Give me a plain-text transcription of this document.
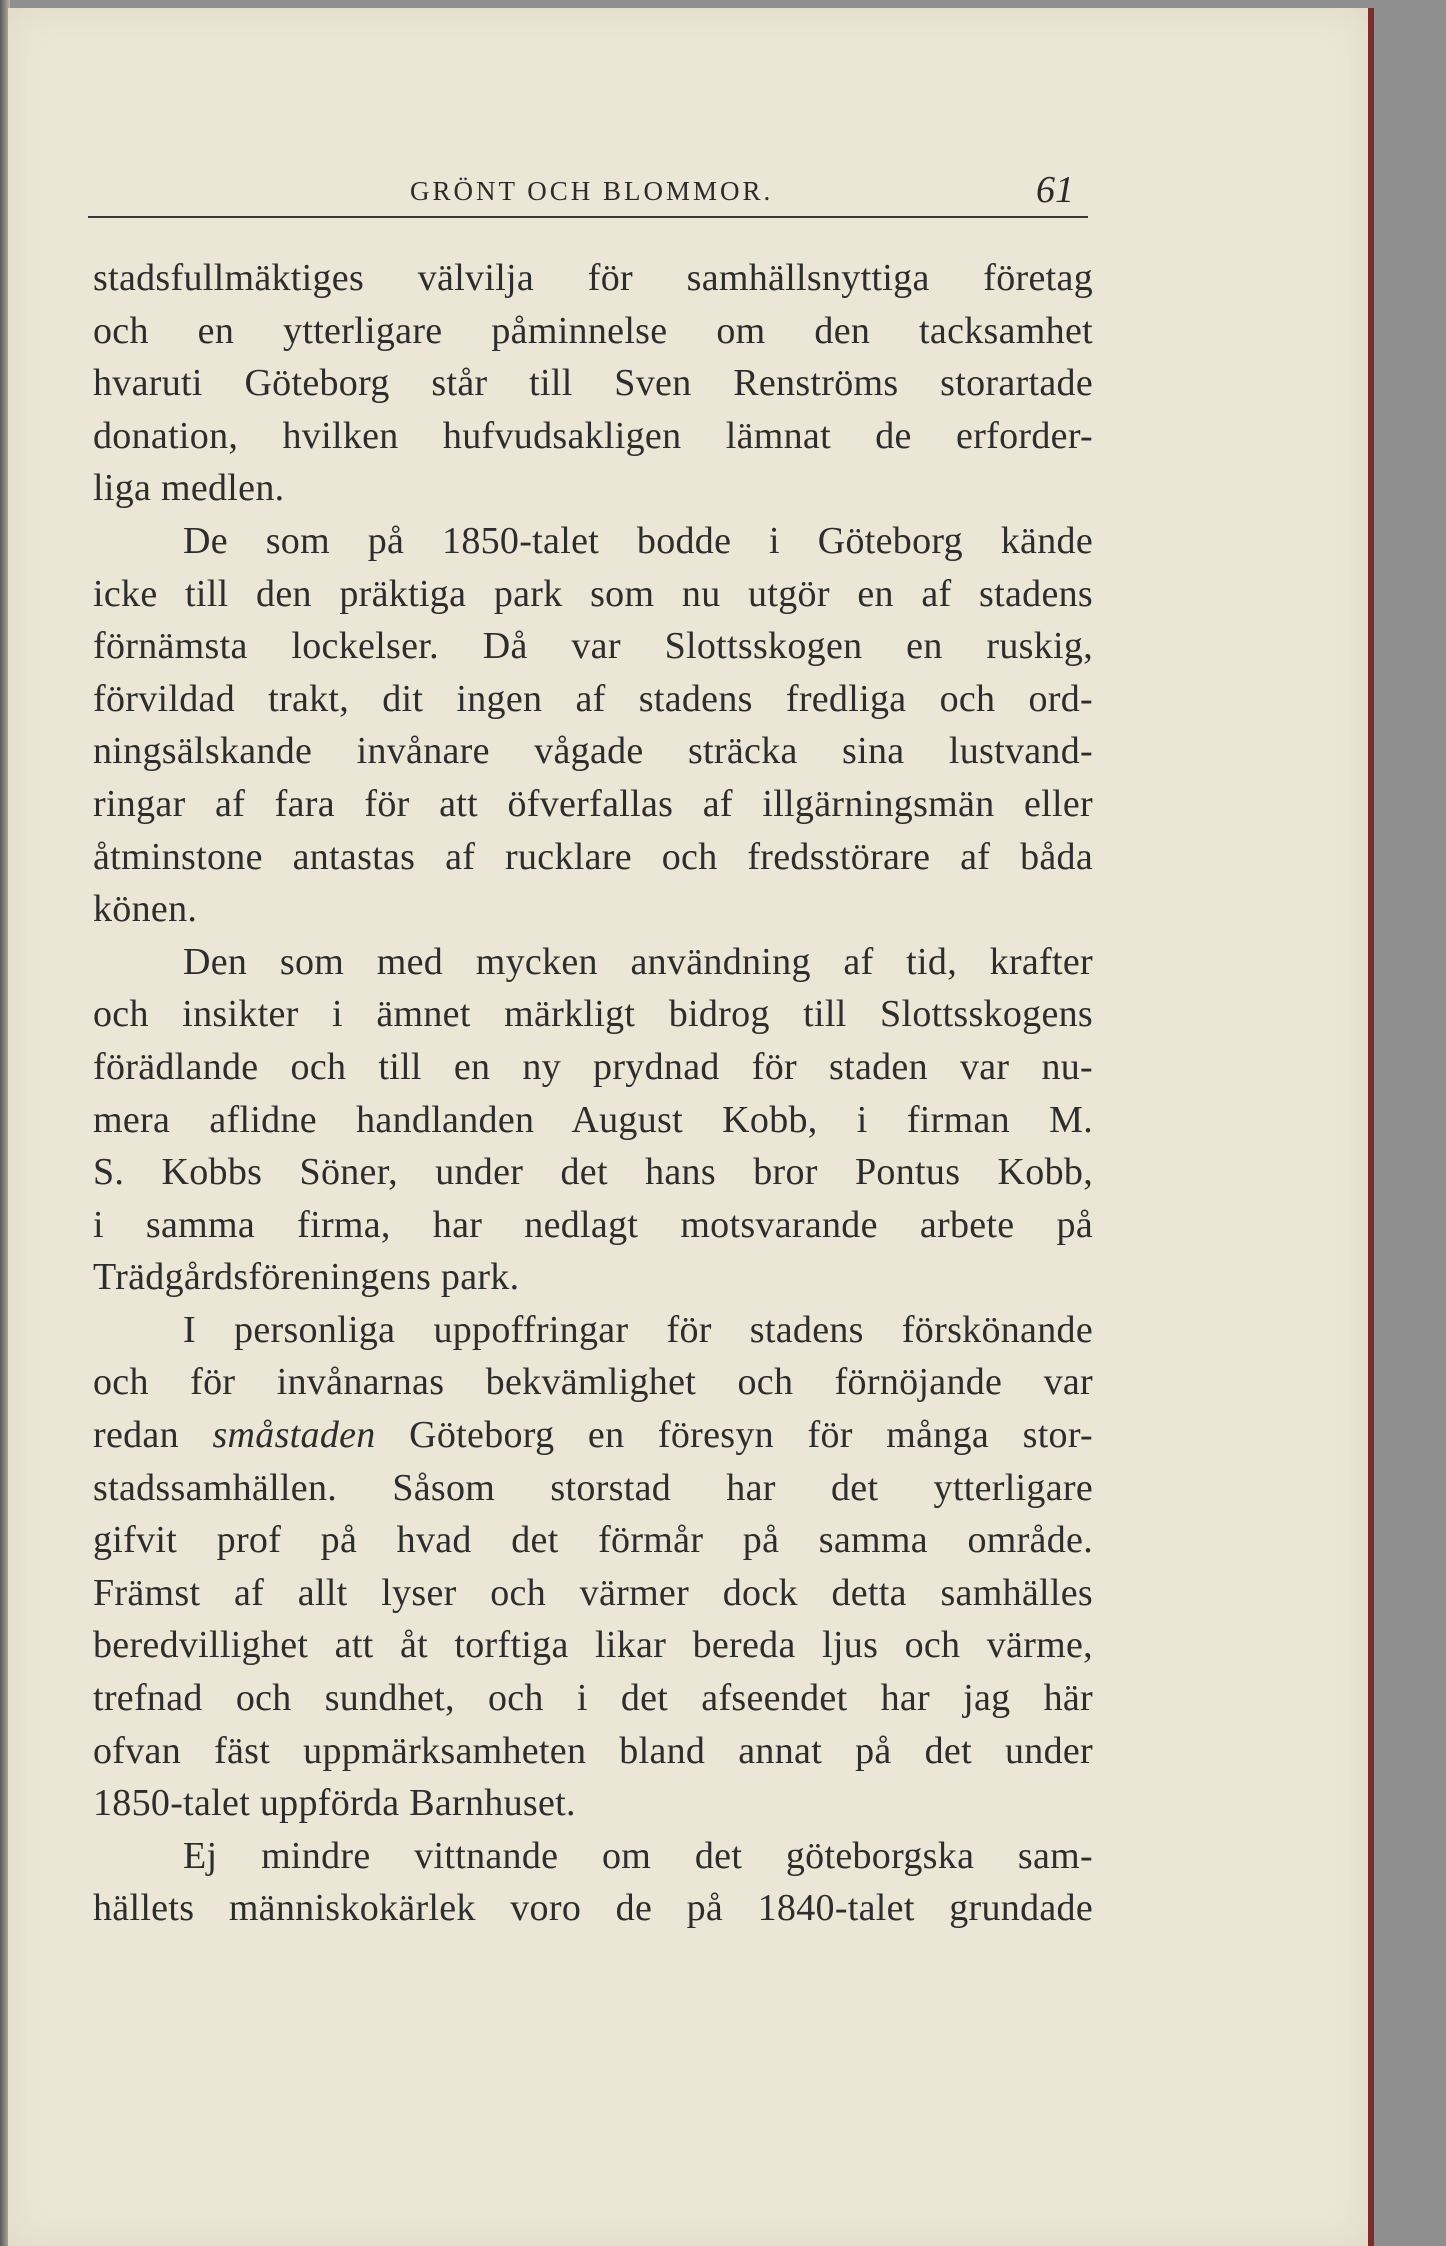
GRÖNT OCH BLOMMOR.	61
stadsfullmäktiges välvilja för samhällsnyttiga företag
och en ytterligare påminnelse om den tacksamhet
hvaruti Göteborg står till Sven Renströms storartade
donation, hvilken hufvudsakligen lämnat de erforder-
liga medlen.
De som på 1850-talet bodde i Göteborg kände
icke till den präktiga park som nu utgör en af stadens
förnämsta lockelser. Då var Slottsskogen en ruskig,
förvildad trakt, dit ingen af stadens fredliga och ord-
ningsälskande invånare vågade sträcka sina lustvand-
ringar af fara för att öfverfallas af illgärningsmän eller
åtminstone antastas af rucklare och fredsstörare af båda
könen.
Den som med mycken användning af tid, krafter
och insikter i ämnet märkligt bidrog till Slottsskogens
förädlande och till en ny prydnad för staden var nu-
mera aflidne handlanden August Kobb, i firman M.
S. Kobbs Söner, under det hans bror Pontus Kobb,
i samma firma, har nedlagt motsvarande arbete på
Trädgårdsföreningens park.
I personliga uppoffringar för stadens förskönande
och för invånarnas bekvämlighet och förnöjande var
redan småstaden Göteborg en föresyn för många stor-
stadssamhällen. Såsom storstad har det ytterligare
gifvit prof på hvad det förmår på samma område.
Främst af allt lyser och värmer dock detta samhälles
beredvillighet att åt torftiga likar bereda ljus och värme,
trefnad och sundhet, och i det afseendet har jag här
ofvan fäst uppmärksamheten bland annat på det under
1850-talet uppförda Barnhuset.
Ej mindre vittnande om det göteborgska sam-
hällets människokärlek voro de på 1840-talet grundade
